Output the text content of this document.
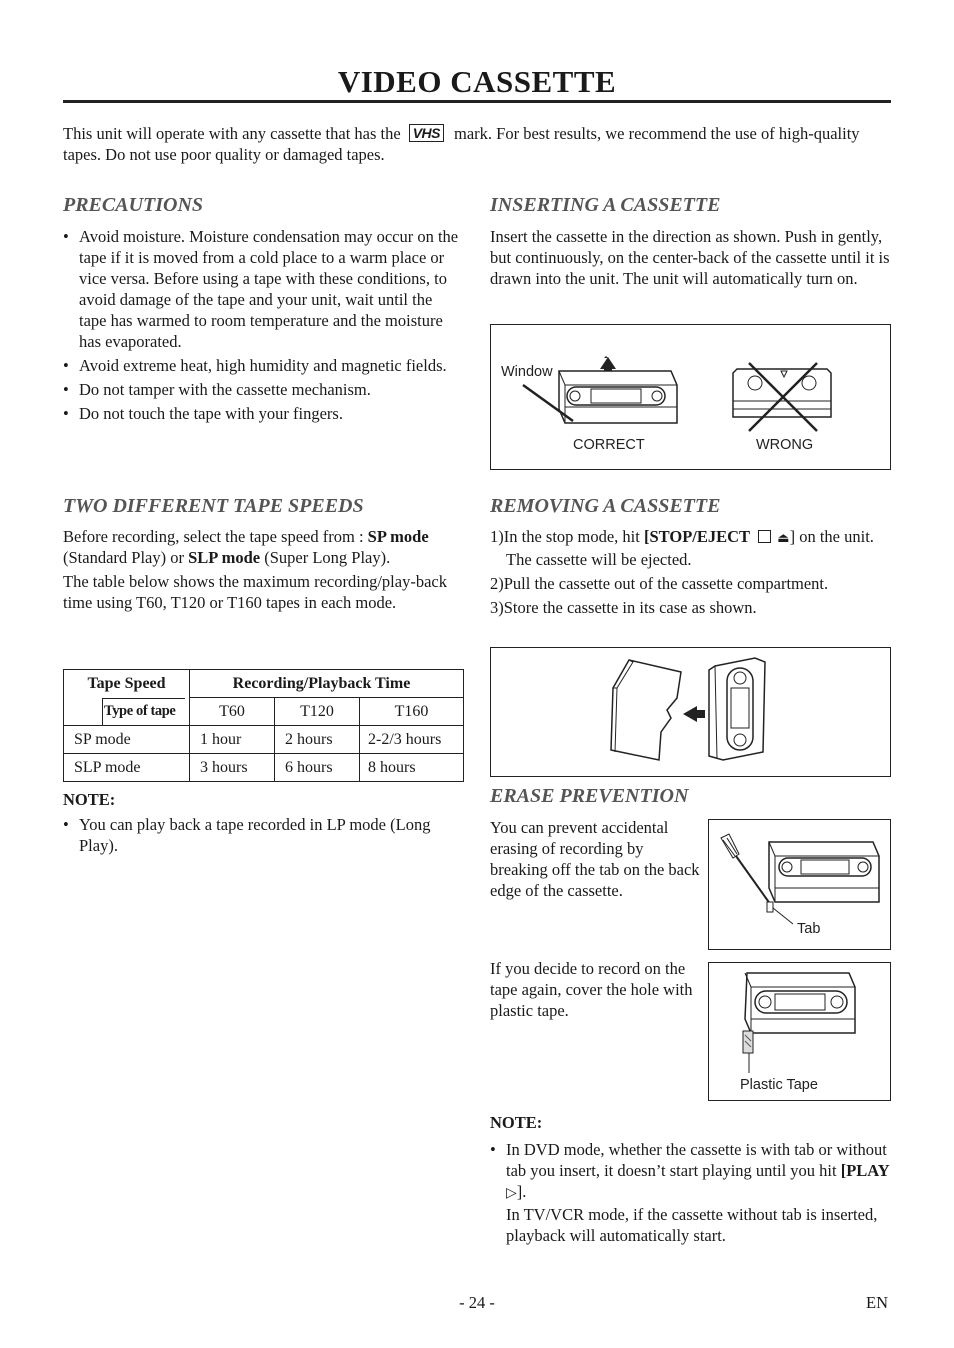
VIDEO CASSETTE
This unit will operate with any cassette that has the VHS mark. For best results, we recommend the use of high-quality tapes. Do not use poor quality or damaged tapes.
PRECAUTIONS
• Avoid moisture. Moisture condensation may occur on the tape if it is moved from a cold place to a warm place or vice versa. Before using a tape with these conditions, to avoid damage of the tape and your unit, wait until the tape has warmed to room temperature and the moisture has evaporated.
• Avoid extreme heat, high humidity and magnetic fields.
• Do not tamper with the cassette mechanism.
• Do not touch the tape with your fingers.
TWO DIFFERENT TAPE SPEEDS
Before recording, select the tape speed from : SP mode (Standard Play) or SLP mode (Super Long Play).
The table below shows the maximum recording/play-back time using T60, T120 or T160 tapes in each mode.
Tape Speed	Recording/Playback Time		

Type of tape	T60	T120	T160
SP mode	1 hour	2 hours	2-2/3 hours
SLP mode	3 hours	6 hours	8 hours
NOTE:
• You can play back a tape recorded in LP mode (Long Play).
INSERTING A CASSETTE
Insert the cassette in the direction as shown. Push in gently, but continuously, on the center-back of the cassette until it is drawn into the unit. The unit will automatically turn on.
Window
CORRECT	WRONG
REMOVING A CASSETTE
1)In the stop mode, hit [STOP/EJECT ⏏] on the unit. The cassette will be ejected.
2)Pull the cassette out of the cassette compartment.
3)Store the cassette in its case as shown.
ERASE PREVENTION
You can prevent accidental erasing of recording by breaking off the tab on the back edge of the cassette.
Tab
If you decide to record on the tape again, cover the hole with plastic tape.
Plastic Tape
NOTE:
• In DVD mode, whether the cassette is with tab or without tab you insert, it doesn’t start playing until you hit [PLAY ▷].
In TV/VCR mode, if the cassette without tab is inserted, playback will automatically start.
- 24 -	EN
